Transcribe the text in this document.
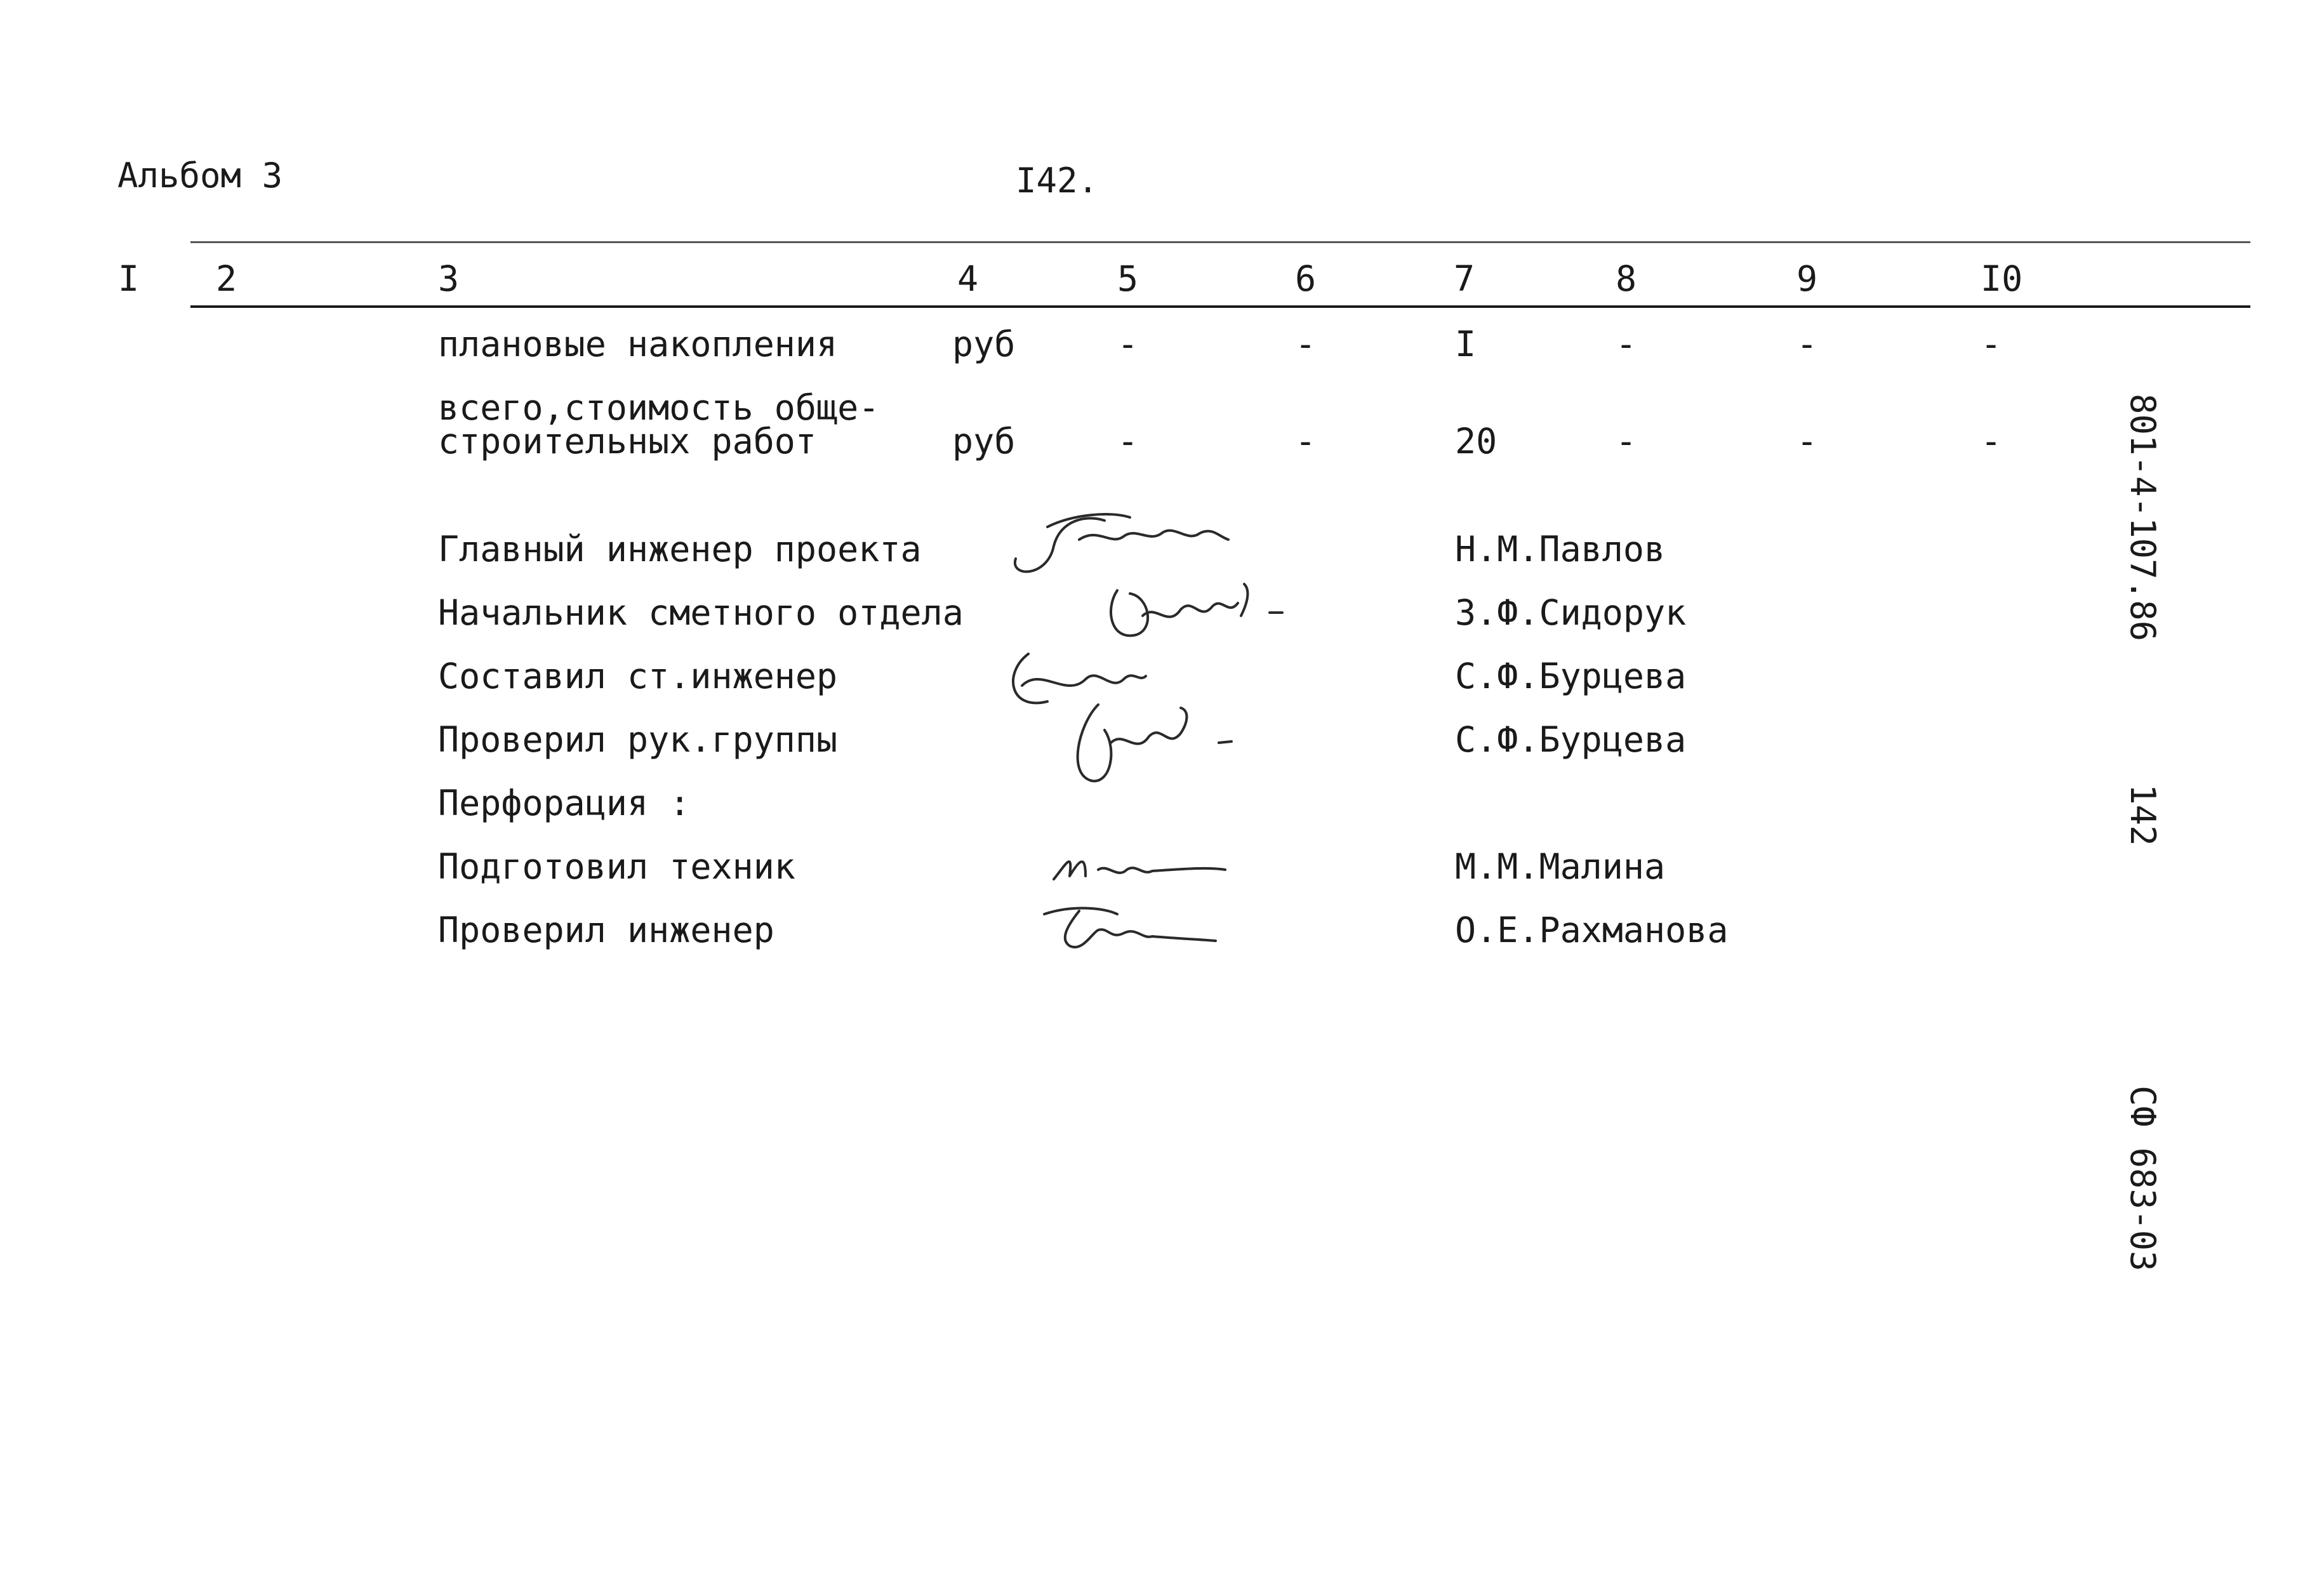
Альбом 3	I42.
I 2	3	4	5	6	7	8	9	I0
плановые накопления	руб	-	-	I	-	-	-
всего,стоимость обще-
строительных работ	руб	-	-	20	-	-	-
Главный инженер проекта	Н.М.Павлов
Начальник сметного отдела	З.Ф.Сидорук
Составил ст.инженер	С.Ф.Бурцева
Проверил рук.группы	С.Ф.Бурцева
Перфорация :
Подготовил техник	М.М.Малина
Проверил инженер	О.Е.Рахманова
801-4-107.86
142
СФ 683-03
